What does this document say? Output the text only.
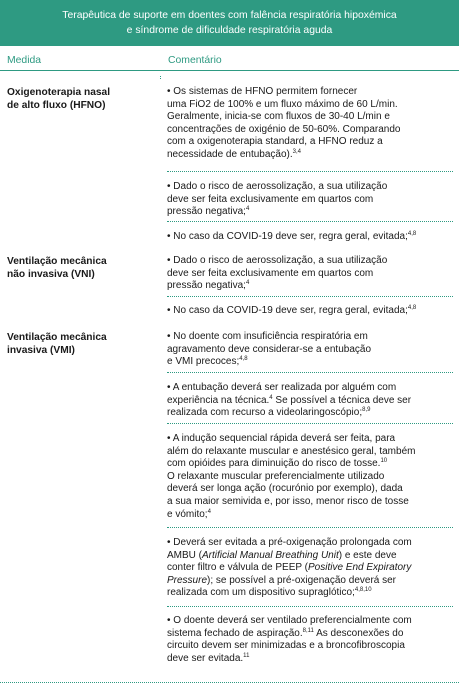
Terapêutica de suporte em doentes com falência respiratória hipoxémica
e síndrome de dificuldade respiratória aguda
Medida	Comentário
Oxigenoterapia nasal
de alto fluxo (HFNO)
• Os sistemas de HFNO permitem fornecer
uma FiO2 de 100% e um fluxo máximo de 60 L/min.
Geralmente, inicia-se com fluxos de 30-40 L/min e
concentrações de oxigénio de 50-60%. Comparando
com a oxigenoterapia standard, a HFNO reduz a
necessidade de entubação).$^{3,4}$
• Dado o risco de aerossolização, a sua utilização
deve ser feita exclusivamente em quartos com
pressão negativa;$^4$
• No caso da COVID-19 deve ser, regra geral, evitada;$^{4,8}$
Ventilação mecânica
não invasiva (VNI)
• Dado o risco de aerossolização, a sua utilização
deve ser feita exclusivamente em quartos com
pressão negativa;$^4$
• No caso da COVID-19 deve ser, regra geral, evitada;$^{4,8}$
Ventilação mecânica
invasiva (VMI)
• No doente com insuficiência respiratória em
agravamento deve considerar-se a entubação
e VMI precoces;$^{4,8}$
• A entubação deverá ser realizada por alguém com
experiência na técnica.$^4$ Se possível a técnica deve ser
realizada com recurso a videolaringoscópio;$^{8,9}$
• A indução sequencial rápida deverá ser feita, para
além do relaxante muscular e anestésico geral, também
com opióides para diminuição do risco de tosse.$^{10}$
O relaxante muscular preferencialmente utilizado
deverá ser longa ação (rocurónio por exemplo), dada
a sua maior semivida e, por isso, menor risco de tosse
e vómito;$^4$
• Deverá ser evitada a pré-oxigenação prolongada com
AMBU (Artificial Manual Breathing Unit) e este deve
conter filtro e válvula de PEEP (Positive End Expiratory
Pressure); se possível a pré-oxigenação deverá ser
realizada com um dispositivo supraglótico;$^{4,8,10}$
• O doente deverá ser ventilado preferencialmente com
sistema fechado de aspiração.$^{8,11}$ As desconexões do
circuito devem ser minimizadas e a broncofibroscopia
deve ser evitada.$^{11}$
